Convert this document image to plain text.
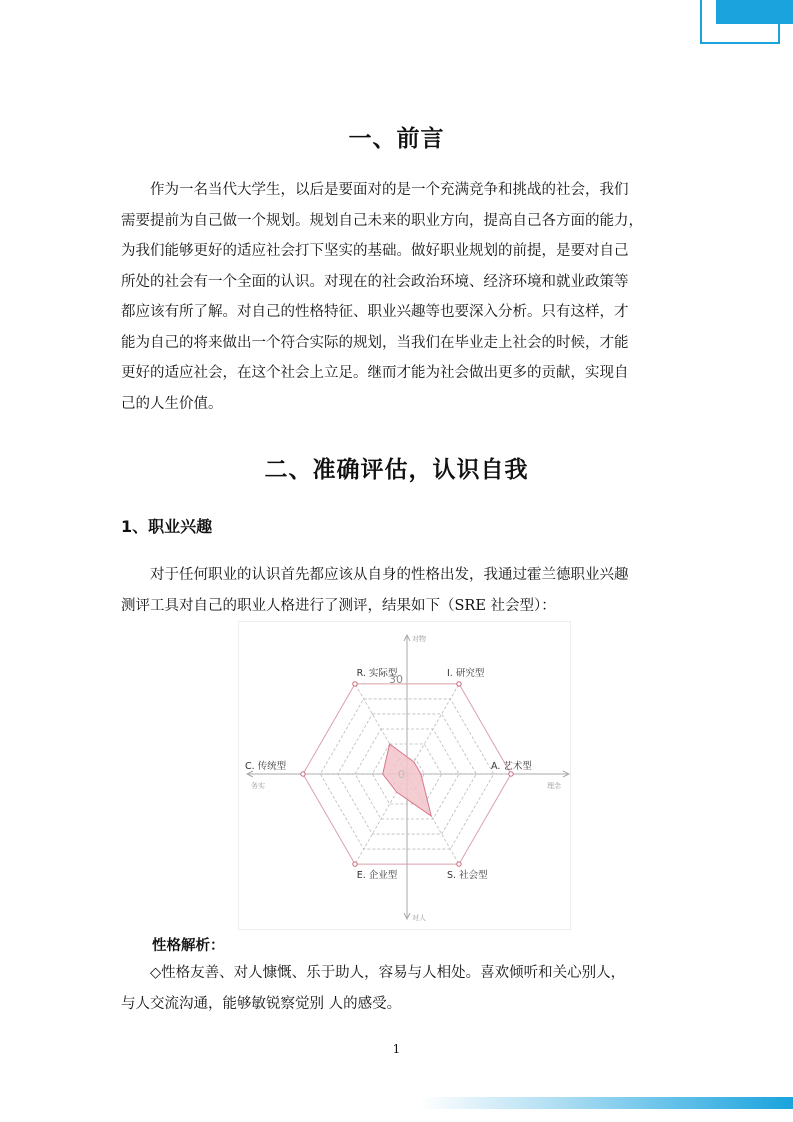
一、前言
作为一名当代大学生，以后是要面对的是一个充满竞争和挑战的社会，我们
需要提前为自己做一个规划。规划自己未来的职业方向，提高自己各方面的能力，
为我们能够更好的适应社会打下坚实的基础。做好职业规划的前提，是要对自己
所处的社会有一个全面的认识。对现在的社会政治环境、经济环境和就业政策等
都应该有所了解。对自己的性格特征、职业兴趣等也要深入分析。只有这样，才
能为自己的将来做出一个符合实际的规划，当我们在毕业走上社会的时候，才能
更好的适应社会，在这个社会上立足。继而才能为社会做出更多的贡献，实现自
己的人生价值。
二、准确评估，认识自我
1、职业兴趣
对于任何职业的认识首先都应该从自身的性格出发，我通过霍兰德职业兴趣
测评工具对自己的职业人格进行了测评，结果如下（SRE 社会型）：
R. 实际型	I. 研究型
A. 艺术型
S. 社会型
E. 企业型
C. 传统型
30
0
对物
对人
务实	理念
性格解析：
◇性格友善、对人慷慨、乐于助人，容易与人相处。喜欢倾听和关心别人，
与人交流沟通，能够敏锐察觉别 人的感受。
1
